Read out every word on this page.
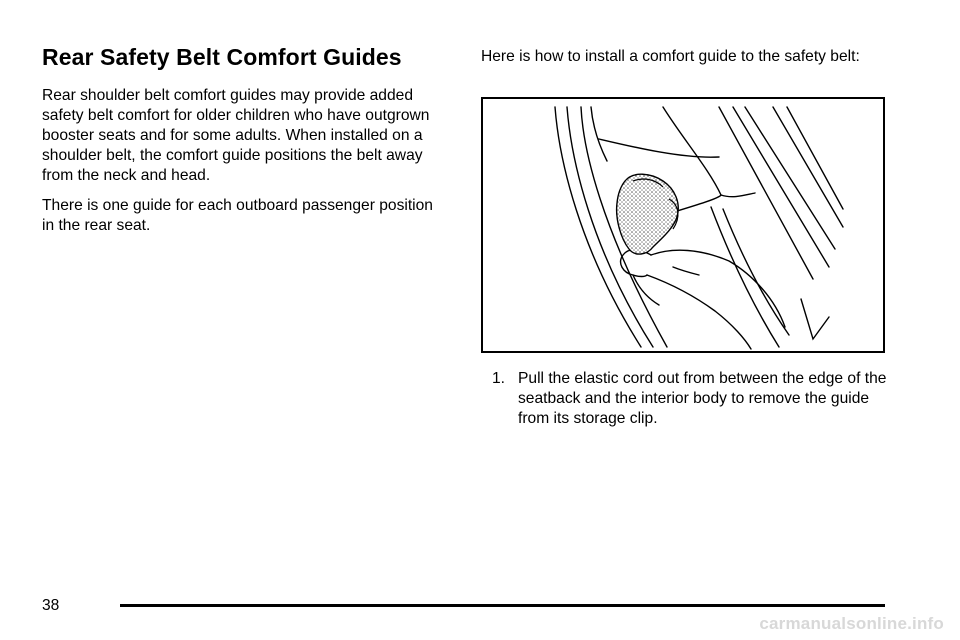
Rear Safety Belt Comfort Guides

Rear shoulder belt comfort guides may provide added safety belt comfort for older children who have outgrown booster seats and for some adults. When installed on a shoulder belt, the comfort guide positions the belt away from the neck and head.

There is one guide for each outboard passenger position in the rear seat.

Here is how to install a comfort guide to the safety belt:

1. Pull the elastic cord out from between the edge of the seatback and the interior body to remove the guide from its storage clip.
38
carmanualsonline.info
